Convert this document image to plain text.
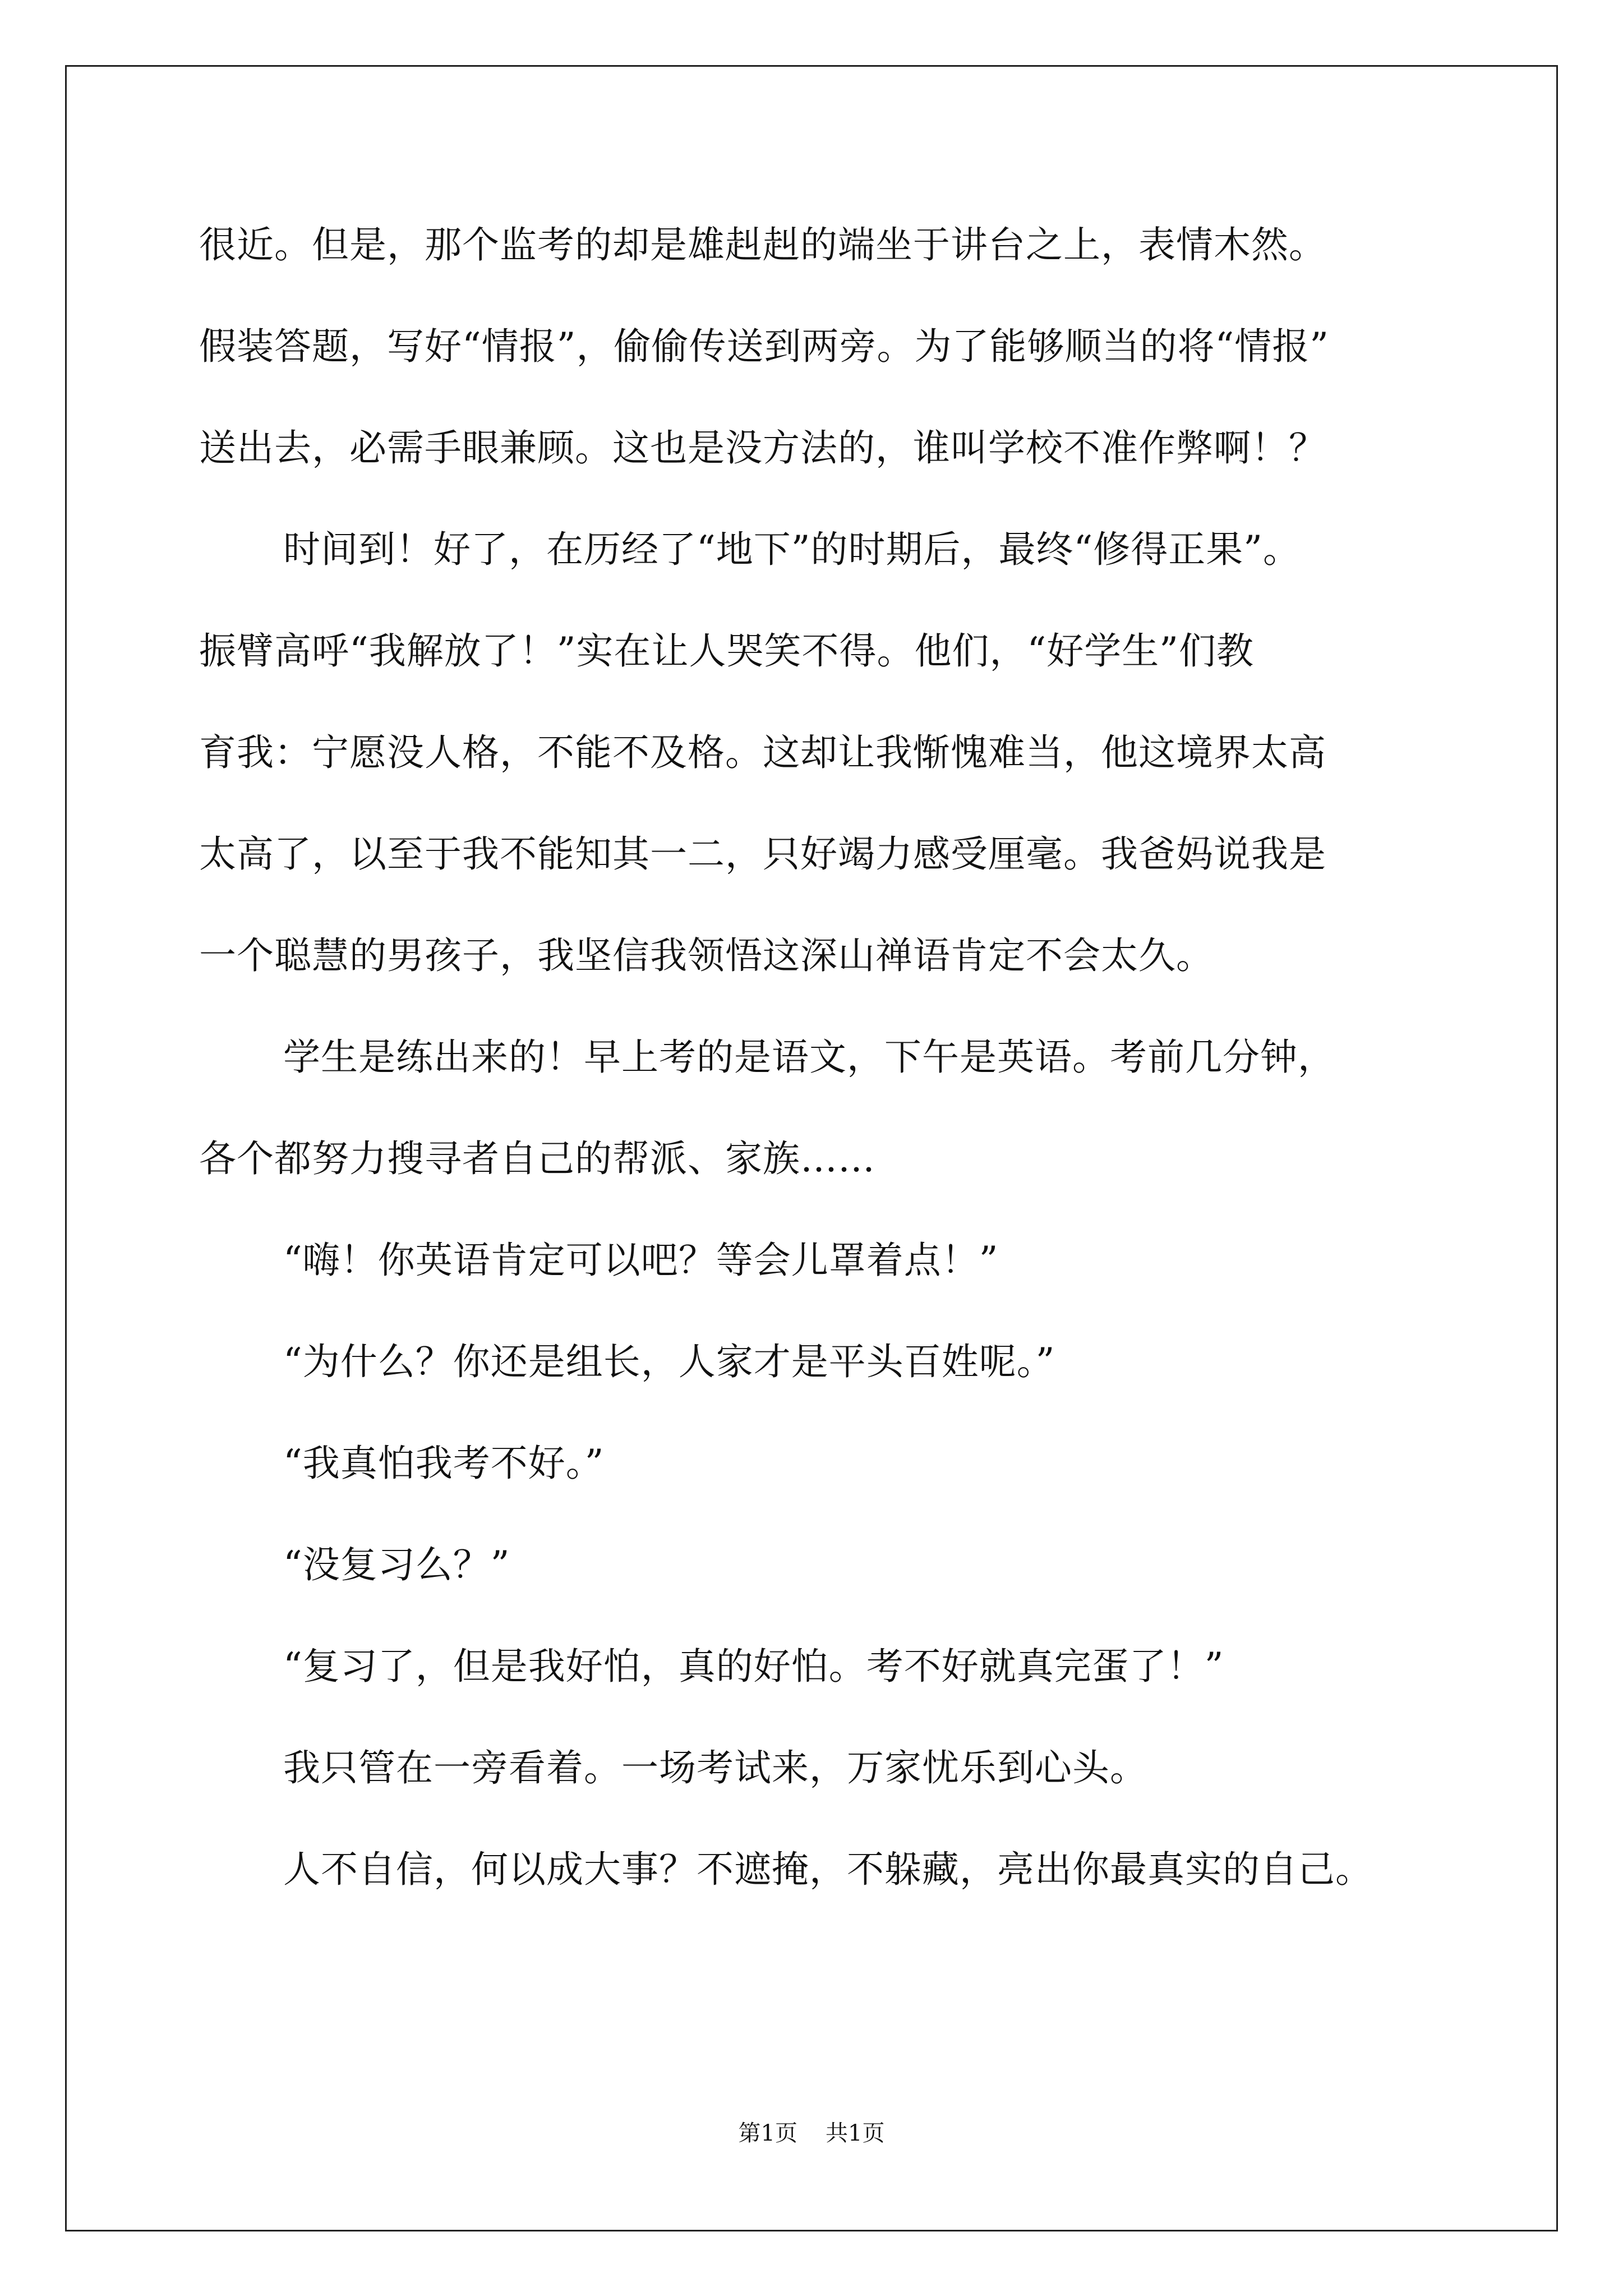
很近。但是，那个监考的却是雄赳赳的端坐于讲台之上，表情木然。
假装答题，写好“情报”，偷偷传送到两旁。为了能够顺当的将“情报”
送出去，必需手眼兼顾。这也是没方法的，谁叫学校不准作弊啊！？
时间到！好了，在历经了“地下”的时期后，最终“修得正果”。
振臂高呼“我解放了！”实在让人哭笑不得。他们，“好学生”们教
育我：宁愿没人格，不能不及格。这却让我惭愧难当，他这境界太高
太高了，以至于我不能知其一二，只好竭力感受厘毫。我爸妈说我是
一个聪慧的男孩子，我坚信我领悟这深山禅语肯定不会太久。
学生是练出来的！早上考的是语文，下午是英语。考前几分钟，
各个都努力搜寻者自己的帮派、家族……
“嗨！你英语肯定可以吧？等会儿罩着点！”
“为什么？你还是组长，人家才是平头百姓呢。”
“我真怕我考不好。”
“没复习么？”
“复习了，但是我好怕，真的好怕。考不好就真完蛋了！”
我只管在一旁看着。一场考试来，万家忧乐到心头。
人不自信，何以成大事？不遮掩，不躲藏，亮出你最真实的自己。
第1页 共1页
